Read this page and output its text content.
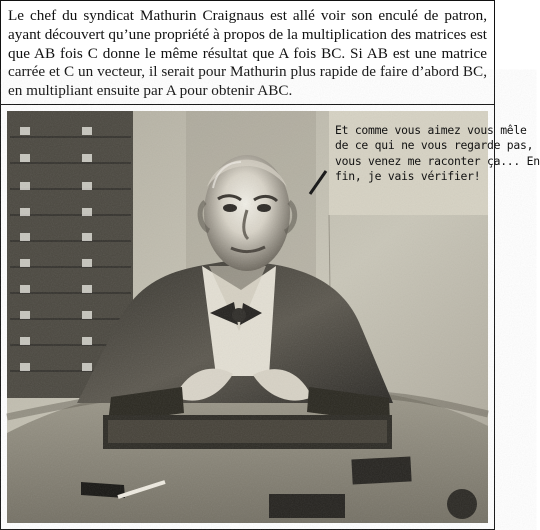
Le chef du syndicat Mathurin Craignaus est allé voir son enculé de patron, ayant découvert qu’une propriété à propos de la multiplication des matrices est que AB fois C donne le même résultat que A fois BC. Si AB est une matrice carrée et C un vecteur, il serait pour Mathurin plus rapide de faire d’abord BC, en multipliant ensuite par A pour obtenir ABC.

Et comme vous aimez vous mêle
de ce qui ne vous regarde pas,
vous venez me raconter ça... En
fin, je vais vérifier!
